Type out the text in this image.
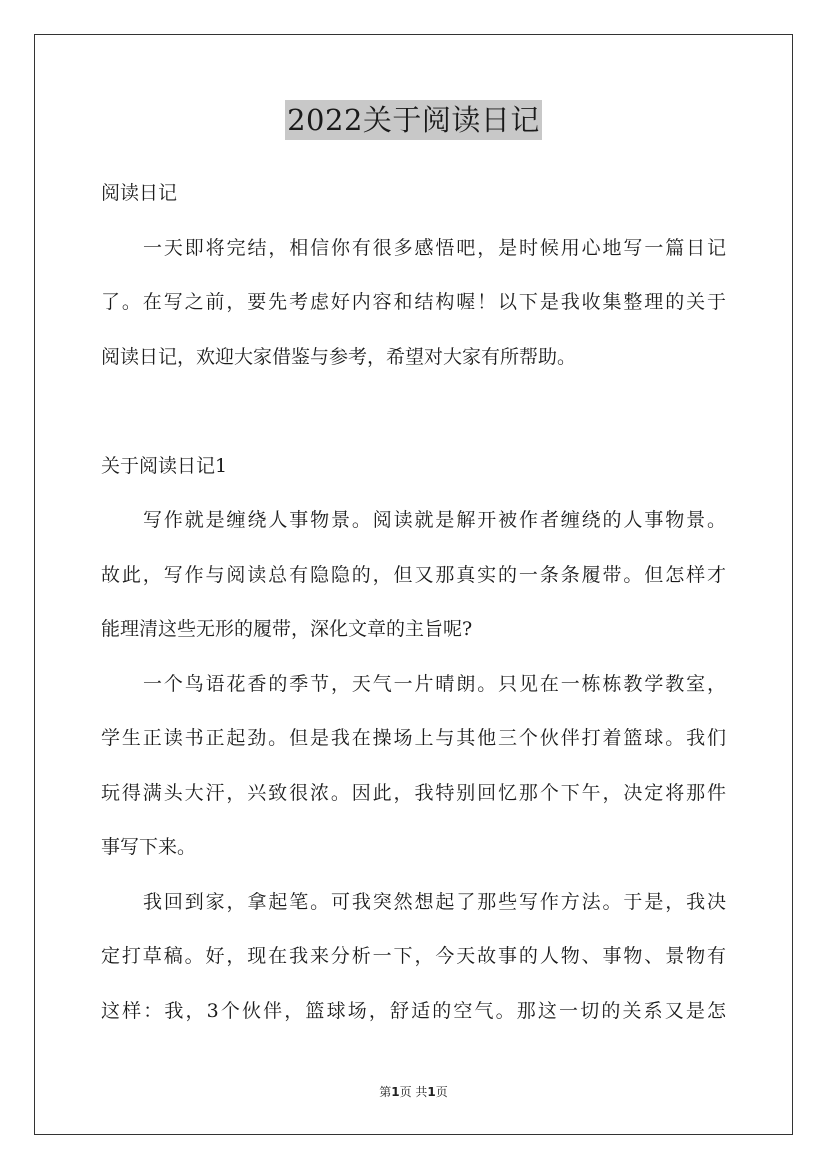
2022关于阅读日记
阅读日记
一天即将完结，相信你有很多感悟吧，是时候用心地写一篇日记
了。在写之前，要先考虑好内容和结构喔！以下是我收集整理的关于
阅读日记，欢迎大家借鉴与参考，希望对大家有所帮助。
关于阅读日记1
写作就是缠绕人事物景。阅读就是解开被作者缠绕的人事物景。
故此，写作与阅读总有隐隐的，但又那真实的一条条履带。但怎样才
能理清这些无形的履带，深化文章的主旨呢?
一个鸟语花香的季节，天气一片晴朗。只见在一栋栋教学教室，
学生正读书正起劲。但是我在操场上与其他三个伙伴打着篮球。我们
玩得满头大汗，兴致很浓。因此，我特别回忆那个下午，决定将那件
事写下来。
我回到家，拿起笔。可我突然想起了那些写作方法。于是，我决
定打草稿。好，现在我来分析一下，今天故事的人物、事物、景物有
这样：我，3个伙伴，篮球场，舒适的空气。那这一切的关系又是怎
第1页 共1页
